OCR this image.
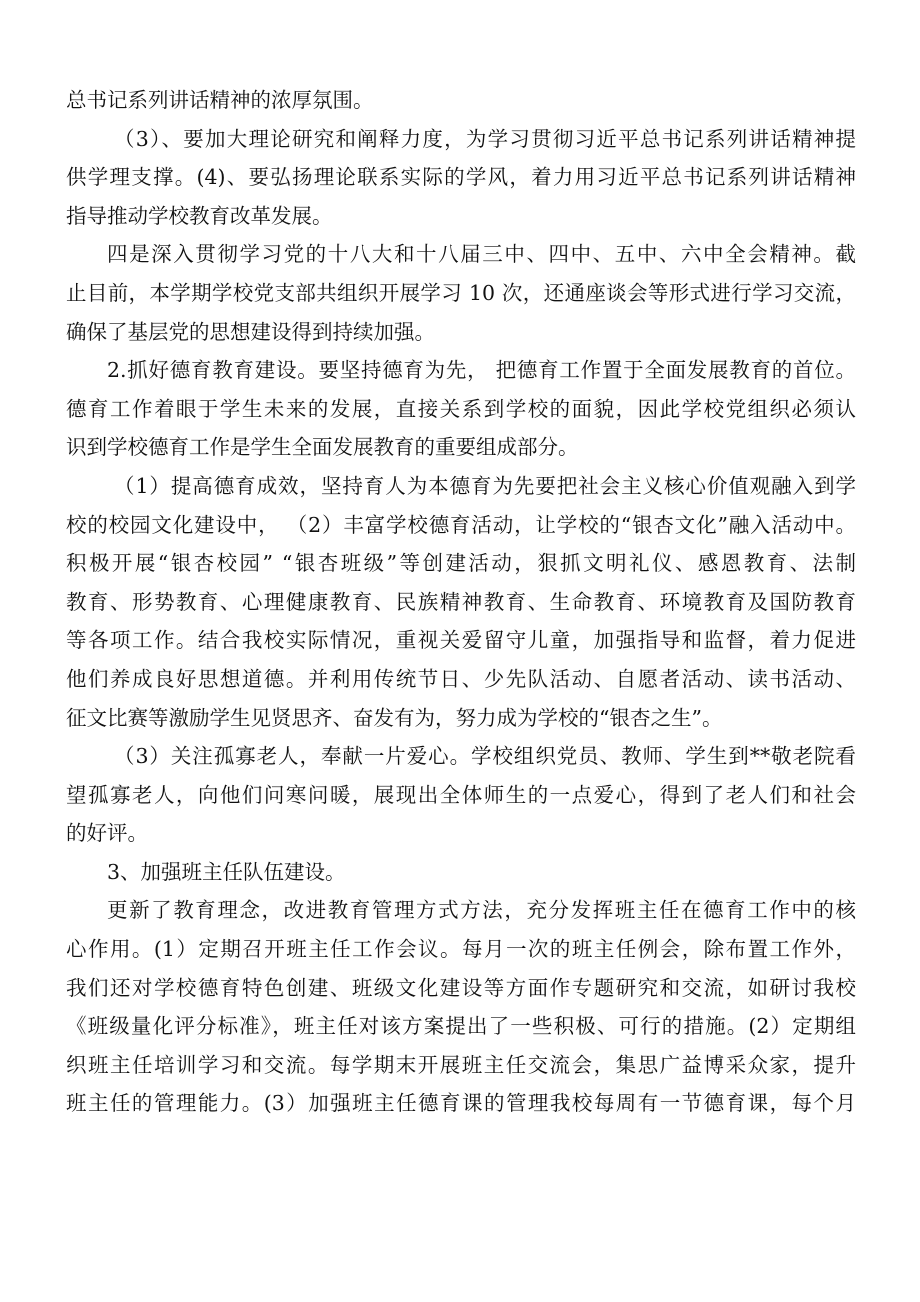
总书记系列讲话精神的浓厚氛围。
（3）、要加大理论研究和阐释力度，为学习贯彻习近平总书记系列讲话精神提
供学理支撑。(4)、要弘扬理论联系实际的学风，着力用习近平总书记系列讲话精神
指导推动学校教育改革发展。
四是深入贯彻学习党的十八大和十八届三中、四中、五中、六中全会精神。截
止目前，本学期学校党支部共组织开展学习 10 次，还通座谈会等形式进行学习交流，
确保了基层党的思想建设得到持续加强。
2.抓好德育教育建设。要坚持德育为先， 把德育工作置于全面发展教育的首位。
德育工作着眼于学生未来的发展，直接关系到学校的面貌，因此学校党组织必须认
识到学校德育工作是学生全面发展教育的重要组成部分。
（1）提高德育成效，坚持育人为本德育为先要把社会主义核心价值观融入到学
校的校园文化建设中， （2）丰富学校德育活动，让学校的“银杏文化”融入活动中。
积极开展“银杏校园” “银杏班级”等创建活动，狠抓文明礼仪、感恩教育、法制
教育、形势教育、心理健康教育、民族精神教育、生命教育、环境教育及国防教育
等各项工作。结合我校实际情况，重视关爱留守儿童，加强指导和监督，着力促进
他们养成良好思想道德。并利用传统节日、少先队活动、自愿者活动、读书活动、
征文比赛等激励学生见贤思齐、奋发有为，努力成为学校的“银杏之生”。
（3）关注孤寡老人，奉献一片爱心。学校组织党员、教师、学生到**敬老院看
望孤寡老人，向他们问寒问暖，展现出全体师生的一点爱心，得到了老人们和社会
的好评。
3、加强班主任队伍建设。
更新了教育理念，改进教育管理方式方法，充分发挥班主任在德育工作中的核
心作用。(1）定期召开班主任工作会议。每月一次的班主任例会，除布置工作外，
我们还对学校德育特色创建、班级文化建设等方面作专题研究和交流，如研讨我校
《班级量化评分标准》，班主任对该方案提出了一些积极、可行的措施。(2）定期组
织班主任培训学习和交流。每学期末开展班主任交流会，集思广益博采众家，提升
班主任的管理能力。(3）加强班主任德育课的管理我校每周有一节德育课，每个月
